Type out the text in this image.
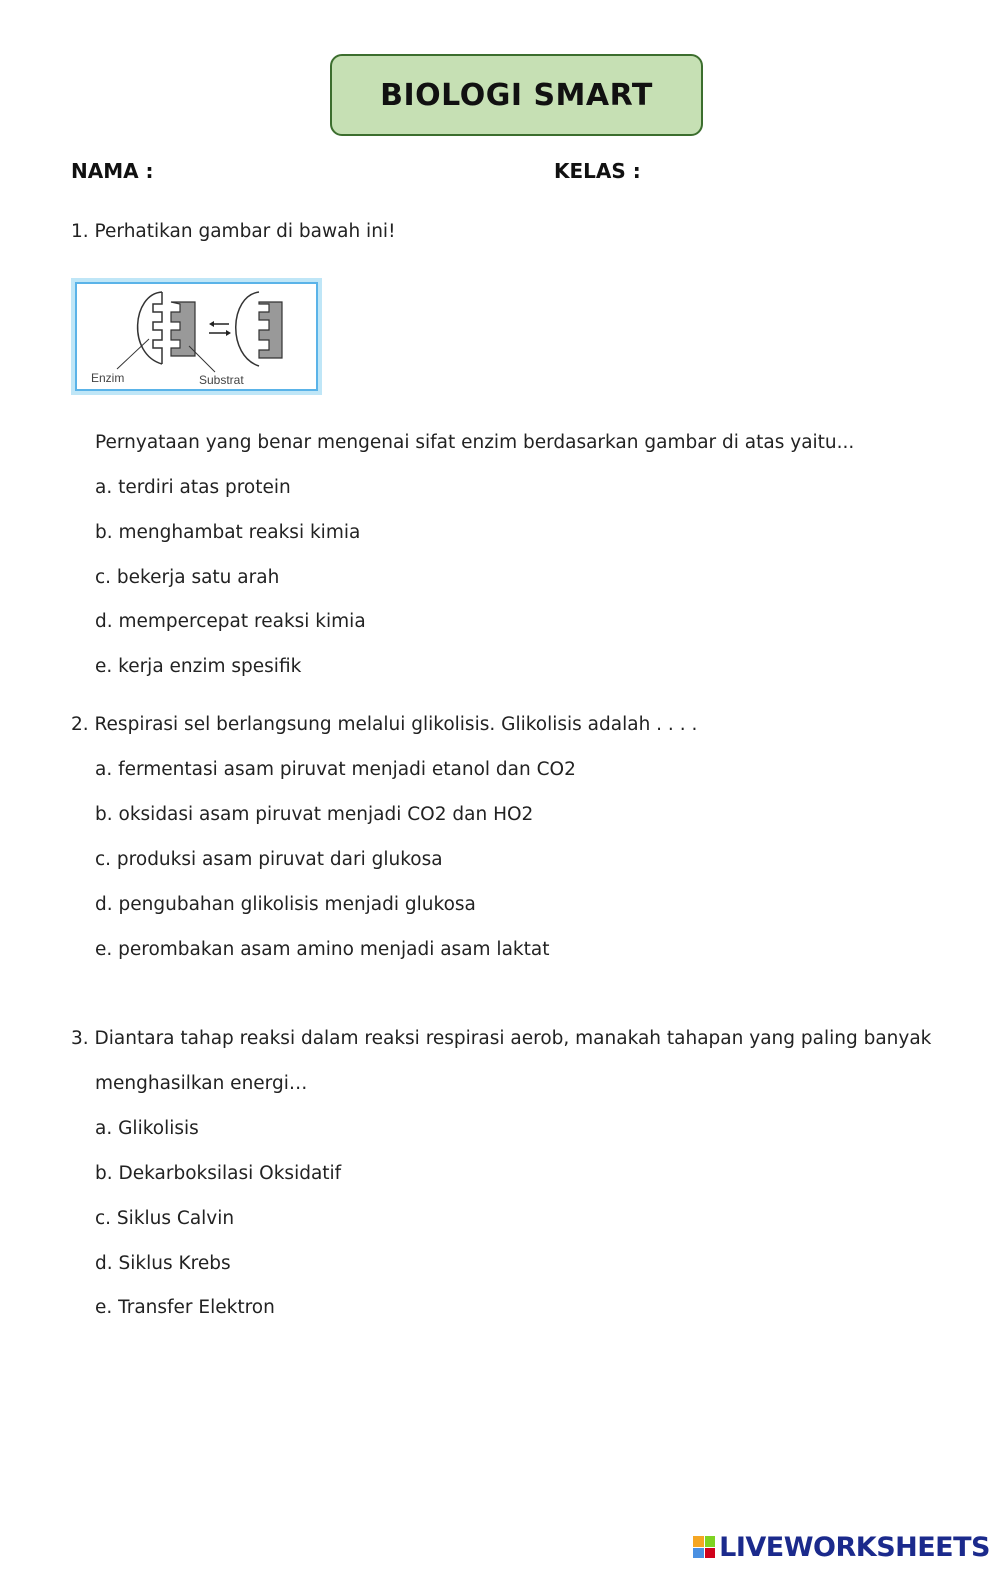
BIOLOGI SMART
NAMA :	KELAS :
1. Perhatikan gambar di bawah ini!
Enzim	Substrat
Pernyataan yang benar mengenai sifat enzim berdasarkan gambar di atas yaitu...
a. terdiri atas protein
b. menghambat reaksi kimia
c. bekerja satu arah
d. mempercepat reaksi kimia
e. kerja enzim spesifik
2. Respirasi sel berlangsung melalui glikolisis. Glikolisis adalah . . . .
a. fermentasi asam piruvat menjadi etanol dan CO2
b. oksidasi asam piruvat menjadi CO2 dan HO2
c. produksi asam piruvat dari glukosa
d. pengubahan glikolisis menjadi glukosa
e. perombakan asam amino menjadi asam laktat
3. Diantara tahap reaksi dalam reaksi respirasi aerob, manakah tahapan yang paling banyak
menghasilkan energi…
a. Glikolisis
b. Dekarboksilasi Oksidatif
c. Siklus Calvin
d. Siklus Krebs
e. Transfer Elektron
LIVEWORKSHEETS
